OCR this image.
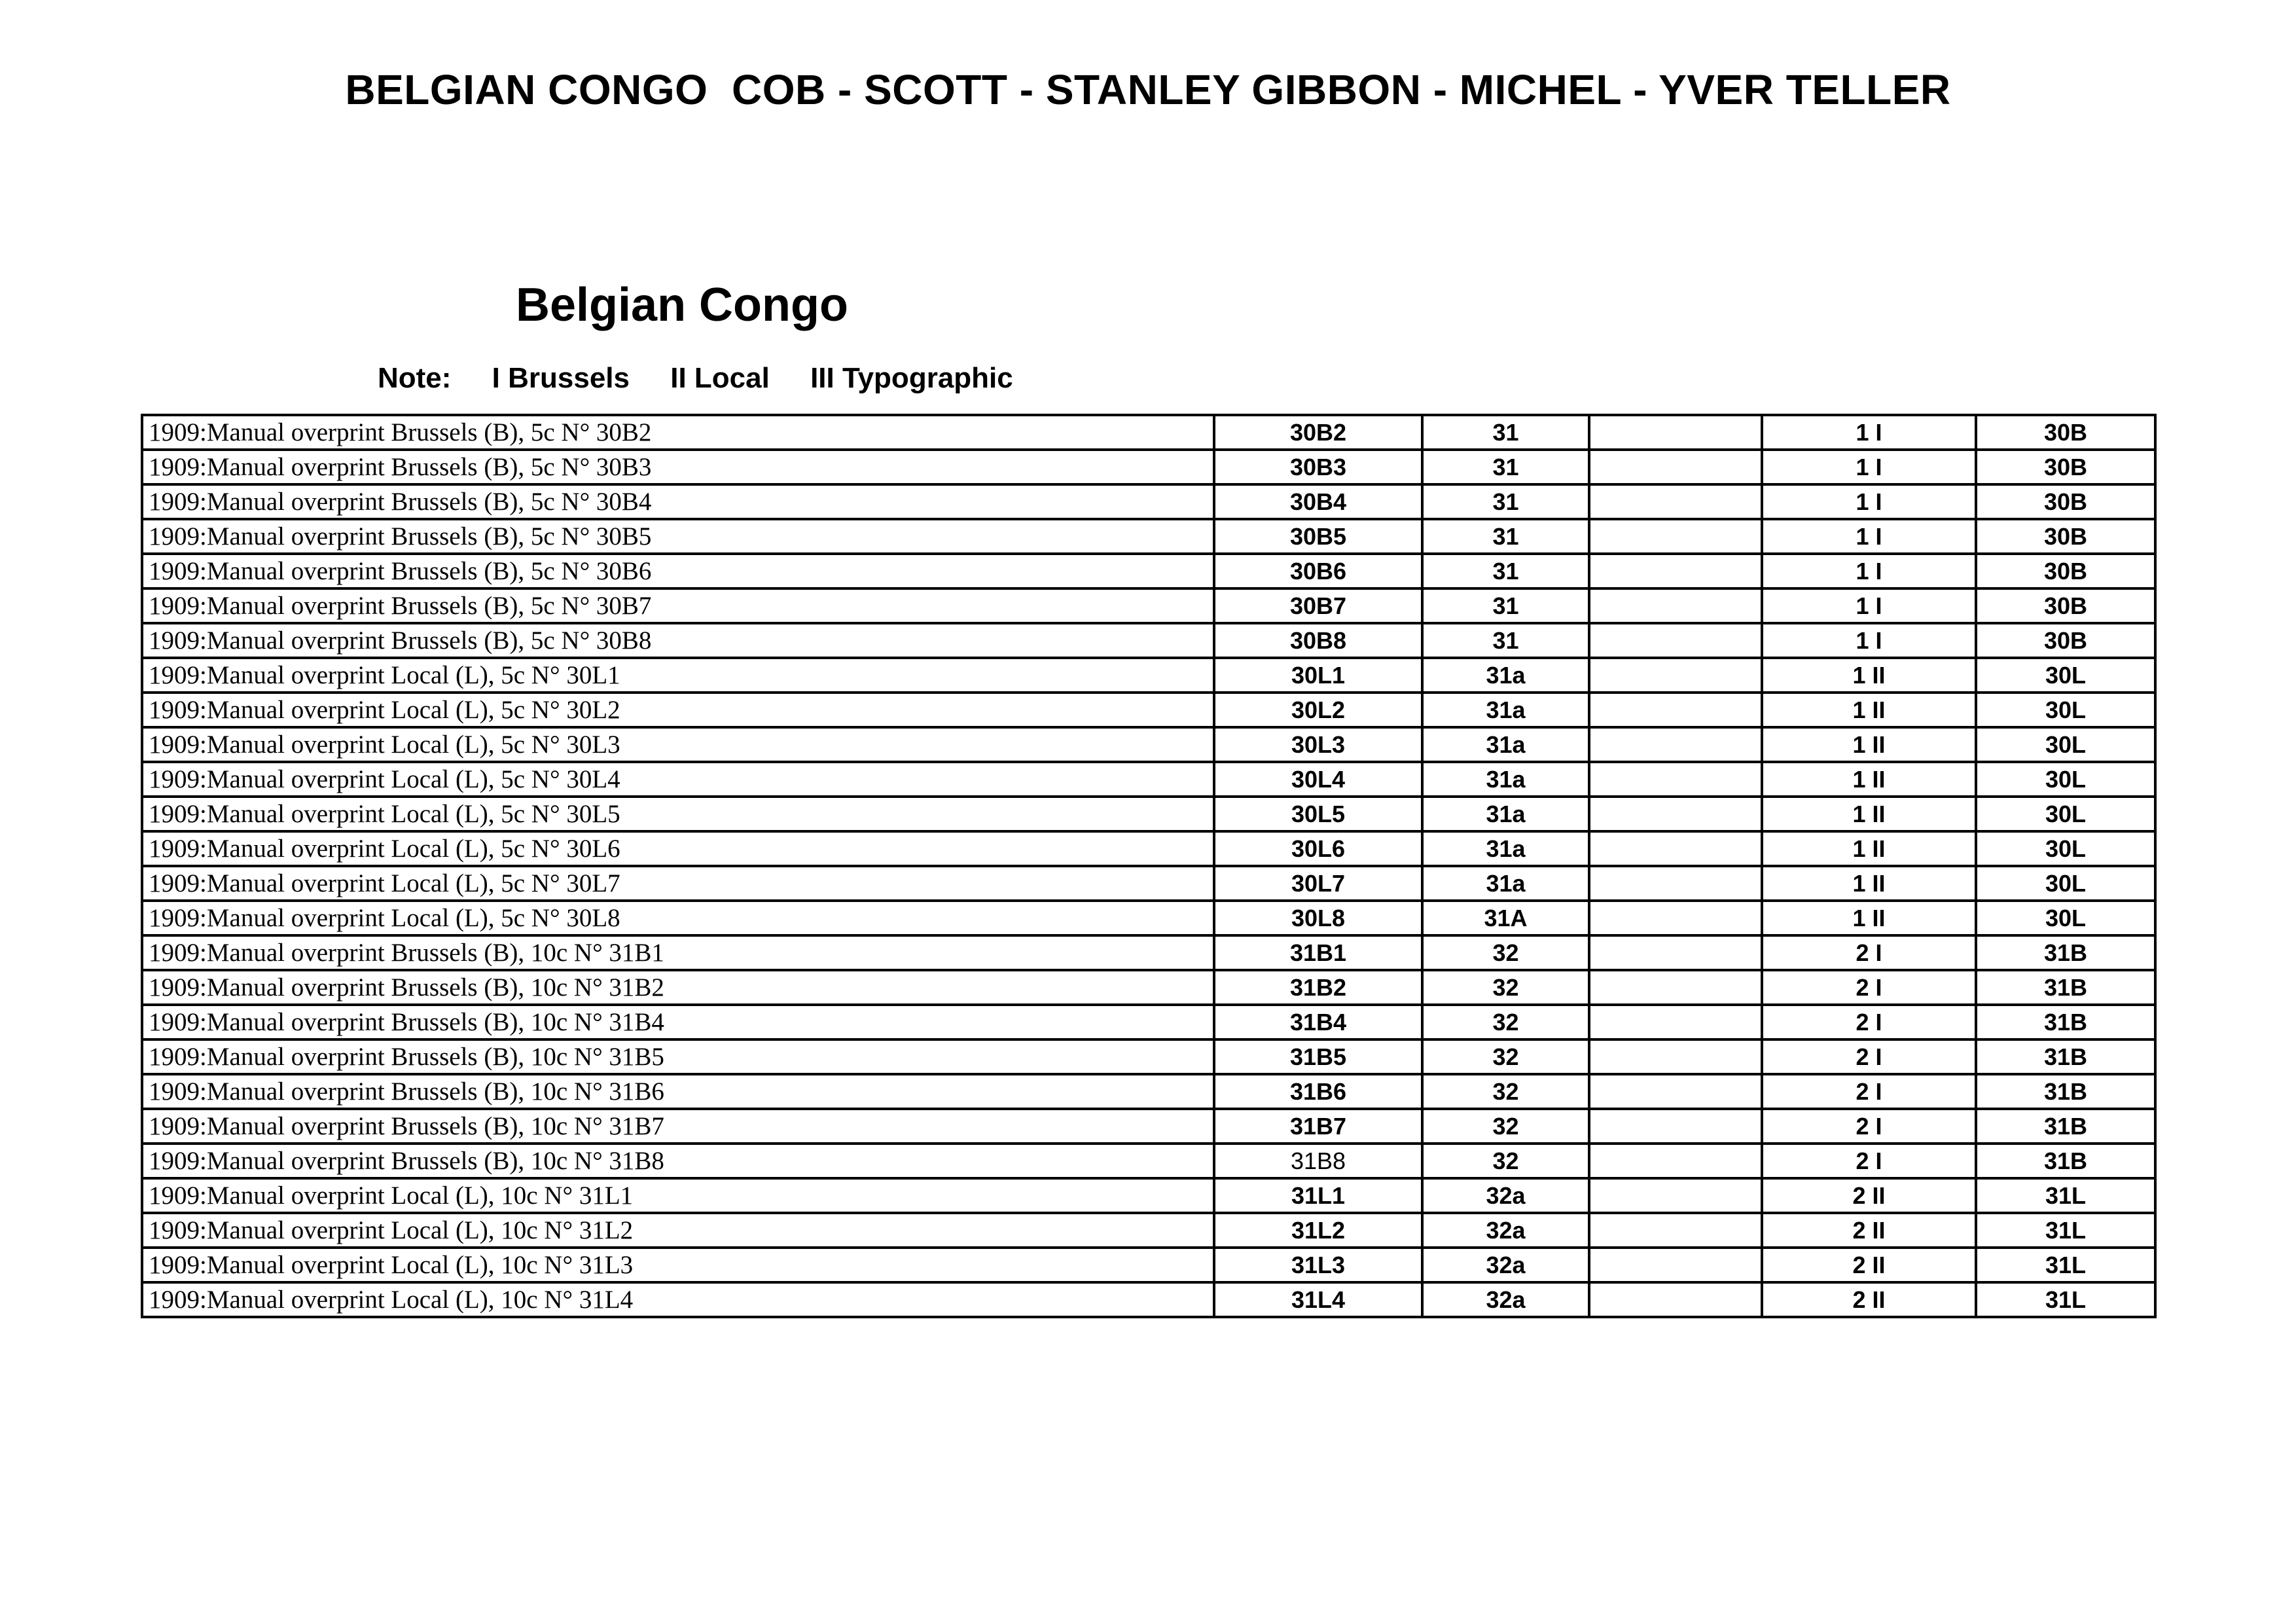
BELGIAN CONGO  COB - SCOTT - STANLEY GIBBON - MICHEL - YVER TELLER
Belgian Congo
Note: I Brussels II Local III Typographic
1909:Manual overprint Brussels (B), 5c N° 30B2	30B2	31		1 I	30B
1909:Manual overprint Brussels (B), 5c N° 30B3	30B3	31		1 I	30B
1909:Manual overprint Brussels (B), 5c N° 30B4	30B4	31		1 I	30B
1909:Manual overprint Brussels (B), 5c N° 30B5	30B5	31		1 I	30B
1909:Manual overprint Brussels (B), 5c N° 30B6	30B6	31		1 I	30B
1909:Manual overprint Brussels (B), 5c N° 30B7	30B7	31		1 I	30B
1909:Manual overprint Brussels (B), 5c N° 30B8	30B8	31		1 I	30B
1909:Manual overprint Local (L), 5c N° 30L1	30L1	31a		1 II	30L
1909:Manual overprint Local (L), 5c N° 30L2	30L2	31a		1 II	30L
1909:Manual overprint Local (L), 5c N° 30L3	30L3	31a		1 II	30L
1909:Manual overprint Local (L), 5c N° 30L4	30L4	31a		1 II	30L
1909:Manual overprint Local (L), 5c N° 30L5	30L5	31a		1 II	30L
1909:Manual overprint Local (L), 5c N° 30L6	30L6	31a		1 II	30L
1909:Manual overprint Local (L), 5c N° 30L7	30L7	31a		1 II	30L
1909:Manual overprint Local (L), 5c N° 30L8	30L8	31A		1 II	30L
1909:Manual overprint Brussels (B), 10c N° 31B1	31B1	32		2 I	31B
1909:Manual overprint Brussels (B), 10c N° 31B2	31B2	32		2 I	31B
1909:Manual overprint Brussels (B), 10c N° 31B4	31B4	32		2 I	31B
1909:Manual overprint Brussels (B), 10c N° 31B5	31B5	32		2 I	31B
1909:Manual overprint Brussels (B), 10c N° 31B6	31B6	32		2 I	31B
1909:Manual overprint Brussels (B), 10c N° 31B7	31B7	32		2 I	31B
1909:Manual overprint Brussels (B), 10c N° 31B8	31B8	32		2 I	31B
1909:Manual overprint Local (L), 10c N° 31L1	31L1	32a		2 II	31L
1909:Manual overprint Local (L), 10c N° 31L2	31L2	32a		2 II	31L
1909:Manual overprint Local (L), 10c N° 31L3	31L3	32a		2 II	31L
1909:Manual overprint Local (L), 10c N° 31L4	31L4	32a		2 II	31L
